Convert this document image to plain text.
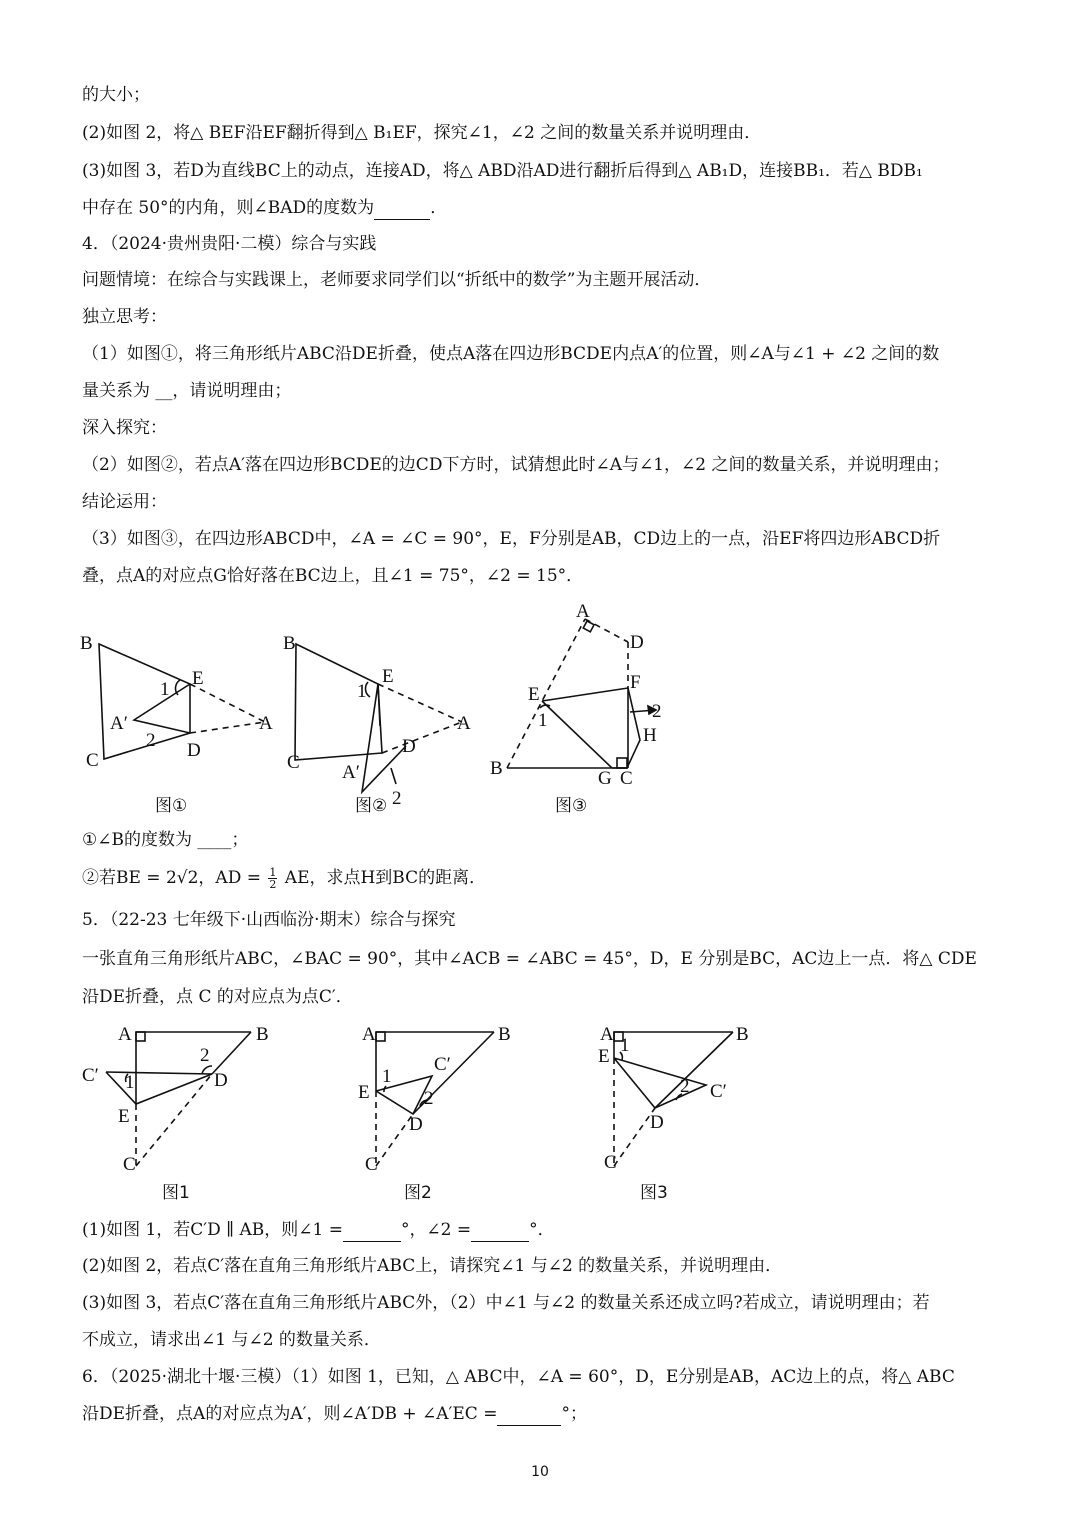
的大小；
(2)如图 2，将△ BEF沿EF翻折得到△ B₁EF，探究∠1，∠2 之间的数量关系并说明理由．
(3)如图 3，若D为直线BC上的动点，连接AD，将△ ABD沿AD进行翻折后得到△ AB₁D，连接BB₁．若△ BDB₁
中存在 50°的内角，则∠BAD的度数为	．
4．（2024·贵州贵阳·二模）综合与实践
问题情境：在综合与实践课上，老师要求同学们以“折纸中的数学”为主题开展活动．
独立思考：
（1）如图①，将三角形纸片ABC沿DE折叠，使点A落在四边形BCDE内点A′的位置，则∠A与∠1 + ∠2 之间的数
量关系为 __，请说明理由；
深入探究：
（2）如图②，若点A′落在四边形BCDE的边CD下方时，试猜想此时∠A与∠1，∠2 之间的数量关系，并说明理由；
结论运用：
（3）如图③，在四边形ABCD中，∠A = ∠C = 90°，E，F分别是AB，CD边上的一点，沿EF将四边形ABCD折
叠，点A的对应点G恰好落在BC边上，且∠1 = 75°，∠2 = 15°．
B
C
E
D
A
A′
1
2
B
C
E
D
A
A′
1
2
A
D
E
F
1	2
H
B	G C
图①	图②	图③
①∠B的度数为 ____；
②若BE = 2√2，AD = $\frac{1}{2}$ AE，求点H到BC的距离．
5．（22-23 七年级下·山西临汾·期末）综合与探究
一张直角三角形纸片ABC，∠BAC = 90°，其中∠ACB = ∠ABC = 45°，D，E 分别是BC，AC边上一点．将△ CDE
沿DE折叠，点 C 的对应点为点C′．
A	B
C′
2
D
1
E
C
A	B
C′
1
E	2
D
C
A	B
1
E
2 C′
D
C
图1	图2	图3
(1)如图 1，若C′D ∥ AB，则∠1 =	°，∠2 =	°．
(2)如图 2，若点C′落在直角三角形纸片ABC上，请探究∠1 与∠2 的数量关系，并说明理由．
(3)如图 3，若点C′落在直角三角形纸片ABC外，（2）中∠1 与∠2 的数量关系还成立吗?若成立，请说明理由；若
不成立，请求出∠1 与∠2 的数量关系．
6．（2025·湖北十堰·三模）（1）如图 1，已知，△ ABC中，∠A = 60°，D，E分别是AB，AC边上的点，将△ ABC
沿DE折叠，点A的对应点为A′，则∠A′DB + ∠A′EC =	°；
10
